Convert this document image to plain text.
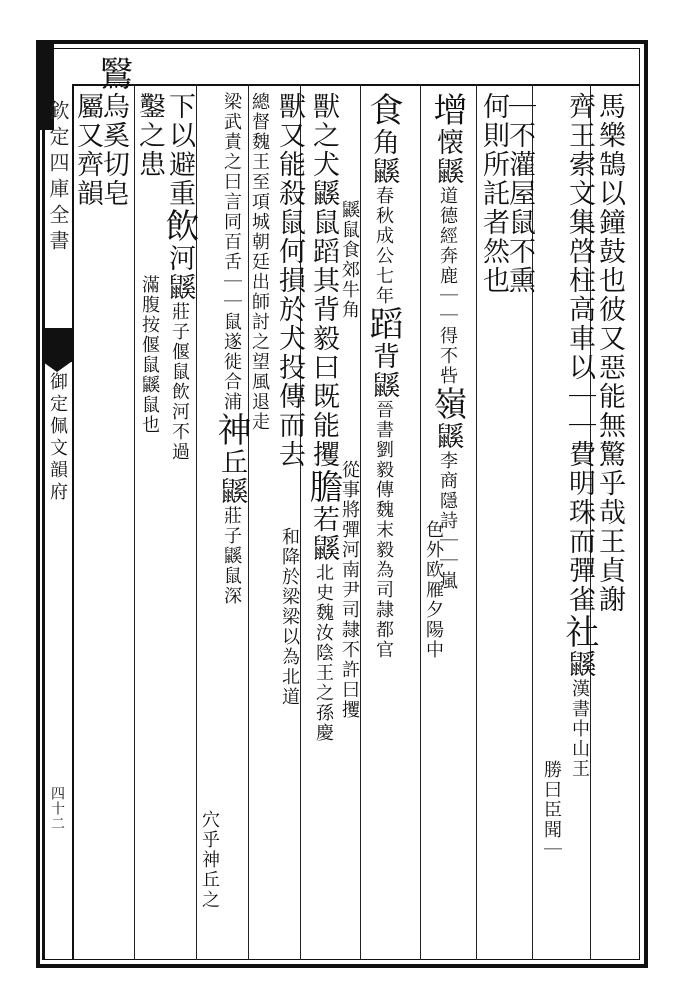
欽定四庫全書
御定佩文韻府
四十二
馬樂鵠以鐘鼓也彼又惡能無驚乎哉王貞謝
齊王索文集啓柱高車以｜｜費明珠而彈雀社鼷漢書中山王
勝曰臣聞｜
｜不灌屋鼠不熏
何則所託者然也
增懐鼷道德經奔鹿｜｜得不呰嶺鼷李商隱詩｜｜嵐
色外欧雁夕陽中
食角鼷春秋成公七年蹈背鼷晉書劉毅傳魏末毅為司隷都官
鼷鼠食郊牛角從事將彈河南尹司隷不許曰攫
獸之犬鼷鼠蹈其背毅曰既能攫膽若鼷北史魏汝陰王之孫慶
獸又能殺鼠何損於犬投傳而去和降於梁梁以為北道
總督魏王至項城朝廷出師討之望風退走
梁武責之曰言同百舌｜｜鼠遂徙合浦神丘鼷莊子鼷鼠深
穴乎神丘之
下以避重飲河鼷莊子偃鼠飲河不過
鑿之患滿腹按偃鼠鼷鼠也
鷖烏奚切皂
屬又齊韻
